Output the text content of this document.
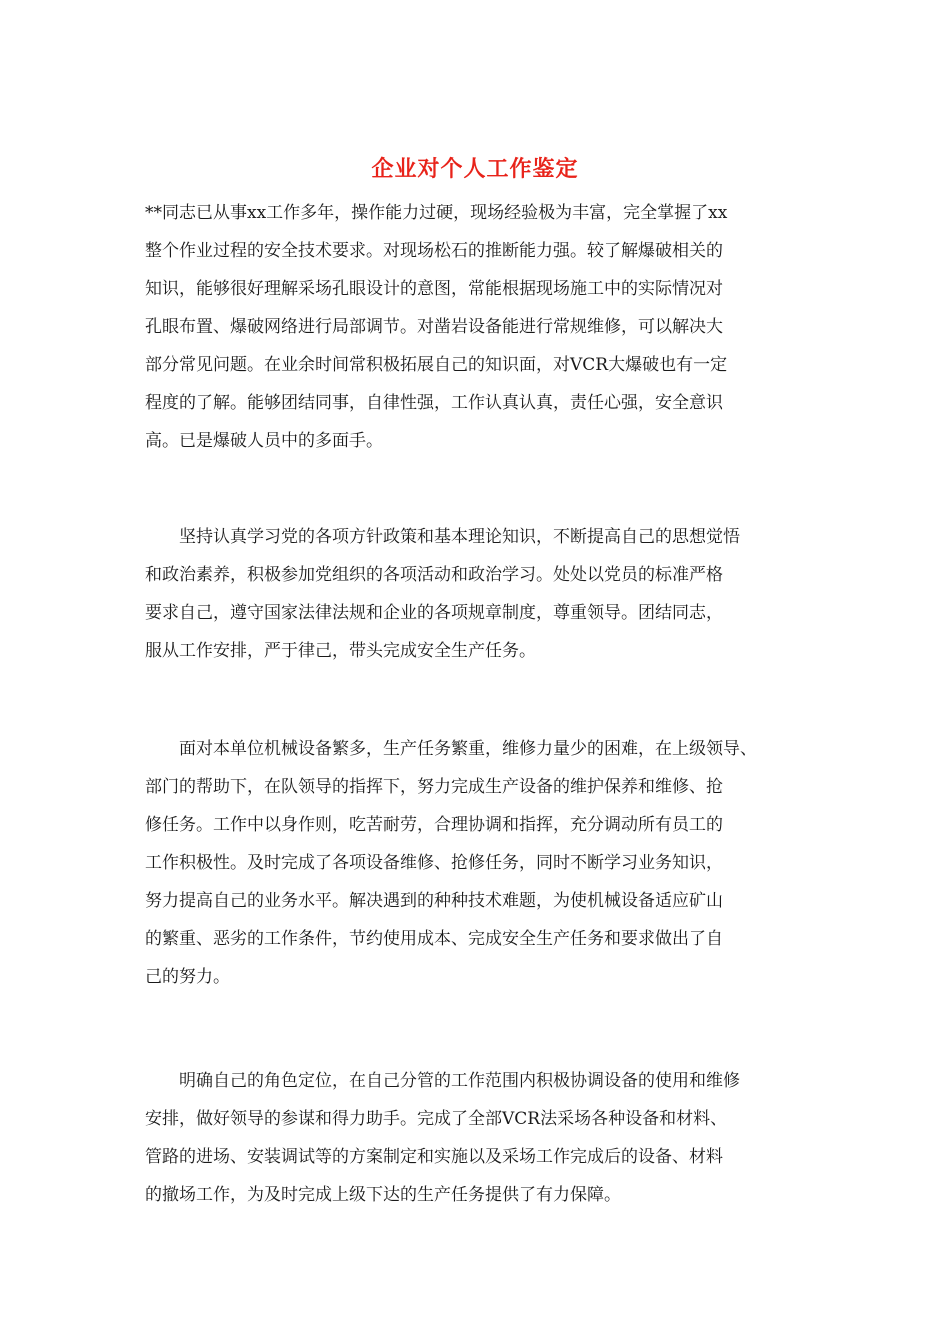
企业对个人工作鉴定
**同志已从事xx工作多年，操作能力过硬，现场经验极为丰富，完全掌握了xx
整个作业过程的安全技术要求。对现场松石的推断能力强。较了解爆破相关的
知识，能够很好理解采场孔眼设计的意图，常能根据现场施工中的实际情况对
孔眼布置、爆破网络进行局部调节。对凿岩设备能进行常规维修，可以解决大
部分常见问题。在业余时间常积极拓展自己的知识面，对VCR大爆破也有一定
程度的了解。能够团结同事，自律性强，工作认真认真，责任心强，安全意识
高。已是爆破人员中的多面手。
　　坚持认真学习党的各项方针政策和基本理论知识，不断提高自己的思想觉悟
和政治素养，积极参加党组织的各项活动和政治学习。处处以党员的标准严格
要求自己，遵守国家法律法规和企业的各项规章制度，尊重领导。团结同志，
服从工作安排，严于律己，带头完成安全生产任务。
　　面对本单位机械设备繁多，生产任务繁重，维修力量少的困难，在上级领导、
部门的帮助下，在队领导的指挥下，努力完成生产设备的维护保养和维修、抢
修任务。工作中以身作则，吃苦耐劳，合理协调和指挥，充分调动所有员工的
工作积极性。及时完成了各项设备维修、抢修任务，同时不断学习业务知识，
努力提高自己的业务水平。解决遇到的种种技术难题，为使机械设备适应矿山
的繁重、恶劣的工作条件，节约使用成本、完成安全生产任务和要求做出了自
己的努力。
　　明确自己的角色定位，在自己分管的工作范围内积极协调设备的使用和维修
安排，做好领导的参谋和得力助手。完成了全部VCR法采场各种设备和材料、
管路的进场、安装调试等的方案制定和实施以及采场工作完成后的设备、材料
的撤场工作，为及时完成上级下达的生产任务提供了有力保障。
